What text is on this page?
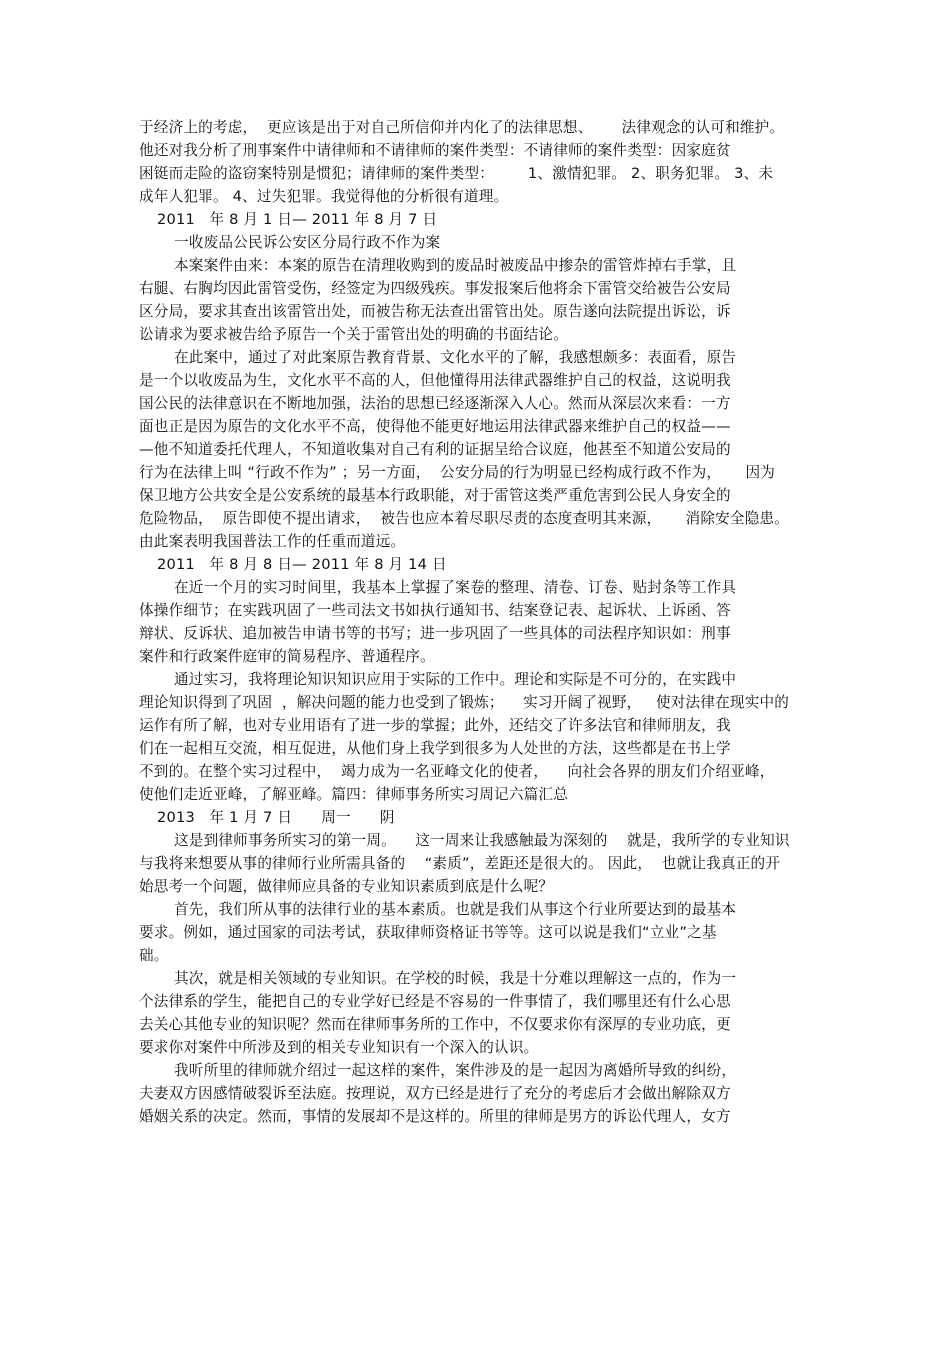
于经济上的考虑，  更应该是出于对自己所信仰并内化了的法律思想、      法律观念的认可和维护。
他还对我分析了刑事案件中请律师和不请律师的案件类型：不请律师的案件类型：因家庭贫
困铤而走险的盗窃案特别是惯犯；请律师的案件类型：       1、激情犯罪。 2、职务犯罪。 3、未
成年人犯罪。 4、过失犯罪。我觉得他的分析很有道理。
2011   年 8 月 1 日— 2011 年 8 月 7 日
一收废品公民诉公安区分局行政不作为案
本案案件由来：本案的原告在清理收购到的废品时被废品中掺杂的雷管炸掉右手掌，且
右腿、右胸均因此雷管受伤，经签定为四级残疾。事发报案后他将余下雷管交给被告公安局
区分局，要求其查出该雷管出处，而被告称无法查出雷管出处。原告遂向法院提出诉讼，诉
讼请求为要求被告给予原告一个关于雷管出处的明确的书面结论。
在此案中，通过了对此案原告教育背景、文化水平的了解，我感想颇多：表面看，原告
是一个以收废品为生，文化水平不高的人，但他懂得用法律武器维护自己的权益，这说明我
国公民的法律意识在不断地加强，法治的思想已经逐渐深入人心。然而从深层次来看：一方
面也正是因为原告的文化水平不高，使得他不能更好地运用法律武器来维护自己的权益——
—他不知道委托代理人，不知道收集对自己有利的证据呈给合议庭，他甚至不知道公安局的
行为在法律上叫 “行政不作为” ；另一方面，  公安分局的行为明显已经构成行政不作为，     因为
保卫地方公共安全是公安系统的最基本行政职能，对于雷管这类严重危害到公民人身安全的
危险物品，  原告即使不提出请求，  被告也应本着尽职尽责的态度查明其来源，     消除安全隐患。
由此案表明我国普法工作的任重而道远。
2011   年 8 月 8 日— 2011 年 8 月 14 日
在近一个月的实习时间里，我基本上掌握了案卷的整理、清卷、订卷、贴封条等工作具
体操作细节；在实践巩固了一些司法文书如执行通知书、结案登记表、起诉状、上诉函、答
辩状、反诉状、追加被告申请书等的书写；进一步巩固了一些具体的司法程序知识如：刑事
案件和行政案件庭审的简易程序、普通程序。
通过实习，我将理论知识知识应用于实际的工作中。理论和实际是不可分的，在实践中
理论知识得到了巩固  ，解决问题的能力也受到了锻炼；    实习开阔了视野，   使对法律在现实中的
运作有所了解，也对专业用语有了进一步的掌握；此外，还结交了许多法官和律师朋友，我
们在一起相互交流，相互促进，从他们身上我学到很多为人处世的方法，这些都是在书上学
不到的。在整个实习过程中，  竭力成为一名亚峰文化的使者，    向社会各界的朋友们介绍亚峰，
使他们走近亚峰，了解亚峰。篇四：律师事务所实习周记六篇汇总
2013   年 1 月 7 日      周一      阴
这是到律师事务所实习的第一周。    这一周来让我感触最为深刻的    就是，我所学的专业知识
与我将来想要从事的律师行业所需具备的    “素质”，差距还是很大的。 因此，  也就让我真正的开
始思考一个问题，做律师应具备的专业知识素质到底是什么呢？
首先，我们所从事的法律行业的基本素质。也就是我们从事这个行业所要达到的最基本
要求。例如，通过国家的司法考试，获取律师资格证书等等。这可以说是我们“立业”之基
础。
其次，就是相关领域的专业知识。在学校的时候，我是十分难以理解这一点的，作为一
个法律系的学生，能把自己的专业学好已经是不容易的一件事情了，我们哪里还有什么心思
去关心其他专业的知识呢？然而在律师事务所的工作中，不仅要求你有深厚的专业功底，更
要求你对案件中所涉及到的相关专业知识有一个深入的认识。
我听所里的律师就介绍过一起这样的案件，案件涉及的是一起因为离婚所导致的纠纷，
夫妻双方因感情破裂诉至法庭。按理说，双方已经是进行了充分的考虑后才会做出解除双方
婚姻关系的决定。然而，事情的发展却不是这样的。所里的律师是男方的诉讼代理人，女方
